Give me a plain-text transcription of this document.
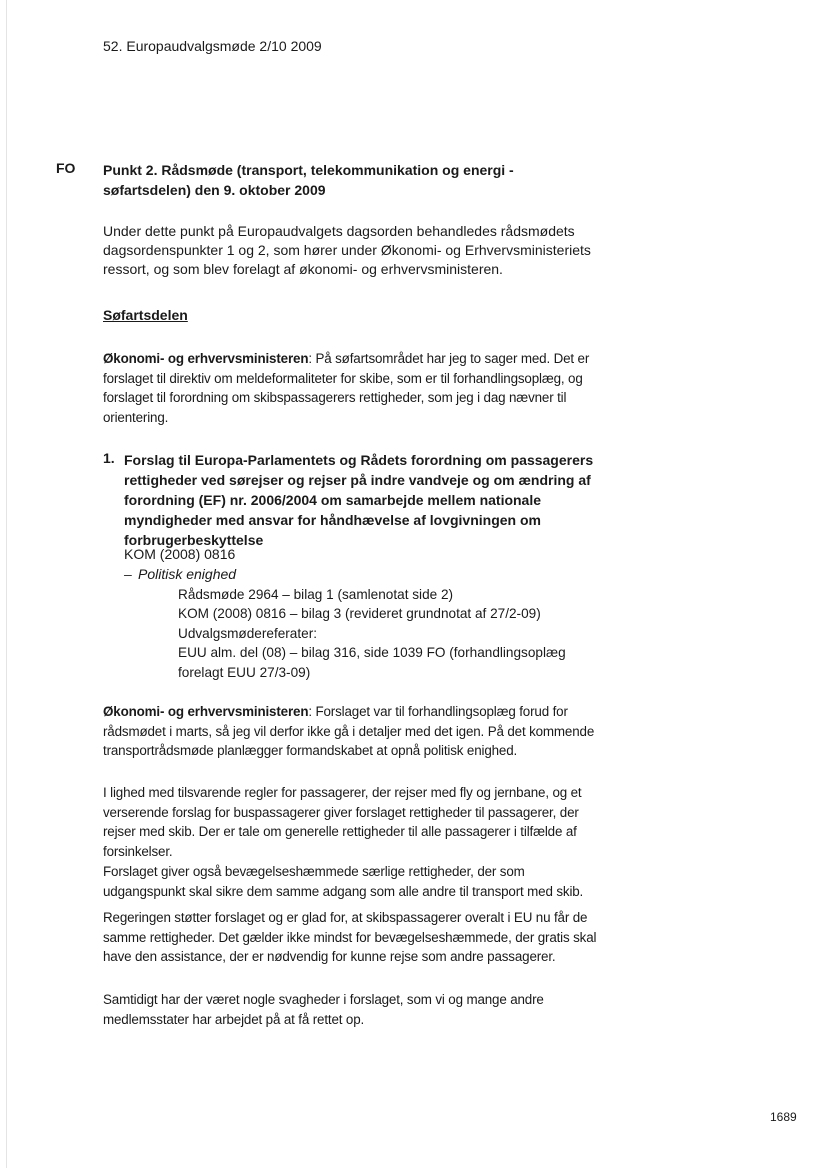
52. Europaudvalgsmøde 2/10 2009
FO Punkt 2. Rådsmøde (transport, telekommunikation og energi - søfartsdelen) den 9. oktober 2009
Under dette punkt på Europaudvalgets dagsorden behandledes rådsmødets dagsordenspunkter 1 og 2, som hører under Økonomi- og Erhvervsministeriets ressort, og som blev forelagt af økonomi- og erhvervsministeren.
Søfartsdelen
Økonomi- og erhvervsministeren: På søfartsområdet har jeg to sager med. Det er forslaget til direktiv om meldeformaliteter for skibe, som er til forhandlingsoplæg, og forslaget til forordning om skibspassagerers rettigheder, som jeg i dag nævner til orientering.
1. Forslag til Europa-Parlamentets og Rådets forordning om passagerers rettigheder ved sørejser og rejser på indre vandveje og om ændring af forordning (EF) nr. 2006/2004 om samarbejde mellem nationale myndigheder med ansvar for håndhævelse af lovgivningen om forbrugerbeskyttelse
KOM (2008) 0816
– Politisk enighed
Rådsmøde 2964 – bilag 1 (samlenotat side 2)
KOM (2008) 0816 – bilag 3 (revideret grundnotat af 27/2-09)
Udvalgsmødereferater:
EUU alm. del (08) – bilag 316, side 1039 FO (forhandlingsoplæg forelagt EUU 27/3-09)
Økonomi- og erhvervsministeren: Forslaget var til forhandlingsoplæg forud for rådsmødet i marts, så jeg vil derfor ikke gå i detaljer med det igen. På det kommende transportrådsmøde planlægger formandskabet at opnå politisk enighed.
I lighed med tilsvarende regler for passagerer, der rejser med fly og jernbane, og et verserende forslag for buspassagerer giver forslaget rettigheder til passagerer, der rejser med skib. Der er tale om generelle rettigheder til alle passagerer i tilfælde af forsinkelser.
Forslaget giver også bevægelseshæmmede særlige rettigheder, der som udgangspunkt skal sikre dem samme adgang som alle andre til transport med skib.
Regeringen støtter forslaget og er glad for, at skibspassagerer overalt i EU nu får de samme rettigheder. Det gælder ikke mindst for bevægelseshæmmede, der gratis skal have den assistance, der er nødvendig for kunne rejse som andre passagerer.
Samtidigt har der været nogle svagheder i forslaget, som vi og mange andre medlemsstater har arbejdet på at få rettet op.
1689
